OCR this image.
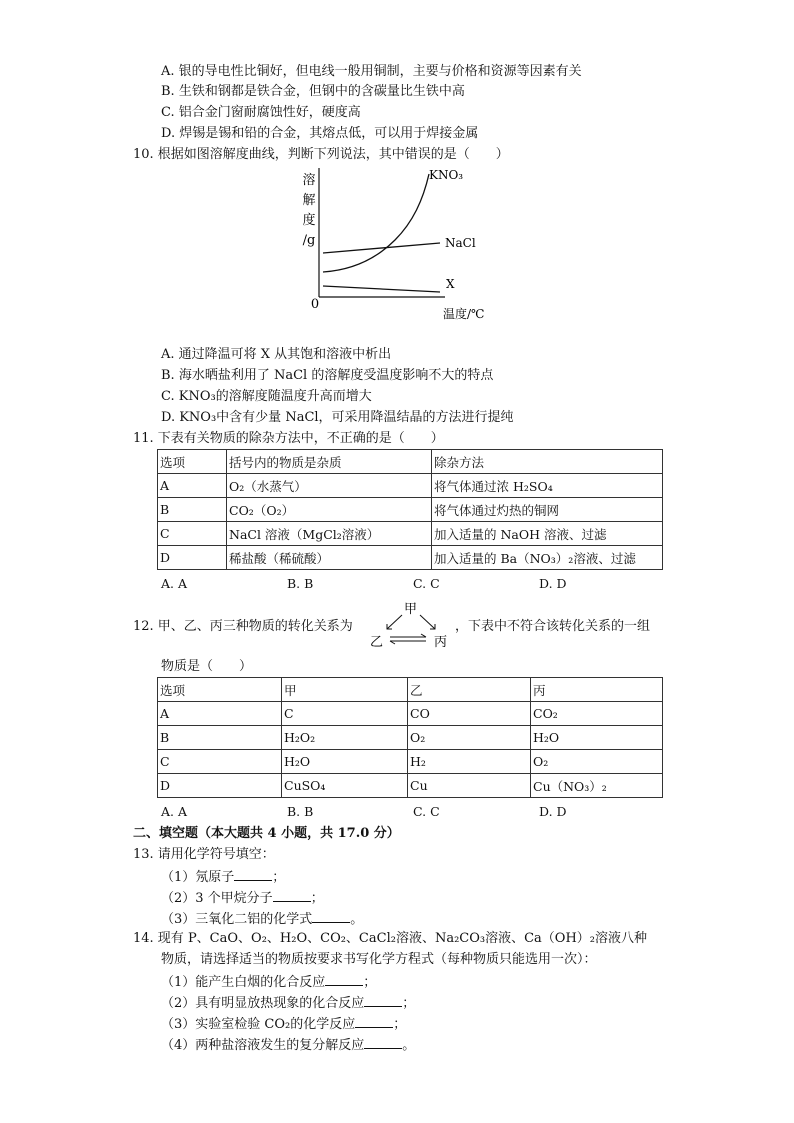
A. 银的导电性比铜好，但电线一般用铜制，主要与价格和资源等因素有关
B. 生铁和钢都是铁合金，但钢中的含碳量比生铁中高
C. 铝合金门窗耐腐蚀性好，硬度高
D. 焊锡是锡和铅的合金，其熔点低，可以用于焊接金属
10. 根据如图溶解度曲线，判断下列说法，其中错误的是（　　）
溶
解
度
/g
0
温度/℃
KNO₃
NaCl
X
A. 通过降温可将 X 从其饱和溶液中析出
B. 海水晒盐利用了 NaCl 的溶解度受温度影响不大的特点
C. KNO₃的溶解度随温度升高而增大
D. KNO₃中含有少量 NaCl，可采用降温结晶的方法进行提纯
11. 下表有关物质的除杂方法中，不正确的是（　　）
选项	括号内的物质是杂质	除杂方法
A	O₂（水蒸气）	将气体通过浓 H₂SO₄
B	CO₂（O₂）	将气体通过灼热的铜网
C	NaCl 溶液（MgCl₂溶液）	加入适量的 NaOH 溶液、过滤
D	稀盐酸（稀硫酸）	加入适量的 Ba（NO₃）₂溶液、过滤
A. A	B. B	C. C	D. D
12. 甲、乙、丙三种物质的转化关系为
甲
乙	丙
，下表中不符合该转化关系的一组
物质是（　　）
选项	甲	乙	丙
A	C	CO	CO₂
B	H₂O₂	O₂	H₂O
C	H₂O	H₂	O₂
D	CuSO₄	Cu	Cu（NO₃）₂
A. A	B. B	C. C	D. D
二、填空题（本大题共 4 小题，共 17.0 分）
13. 请用化学符号填空：
（1）氖原子	；
（2）3 个甲烷分子	；
（3）三氧化二铝的化学式	。
14. 现有 P、CaO、O₂、H₂O、CO₂、CaCl₂溶液、Na₂CO₃溶液、Ca（OH）₂溶液八种
物质，请选择适当的物质按要求书写化学方程式（每种物质只能选用一次）：
（1）能产生白烟的化合反应	；
（2）具有明显放热现象的化合反应	；
（3）实验室检验 CO₂的化学反应	；
（4）两种盐溶液发生的复分解反应	。
